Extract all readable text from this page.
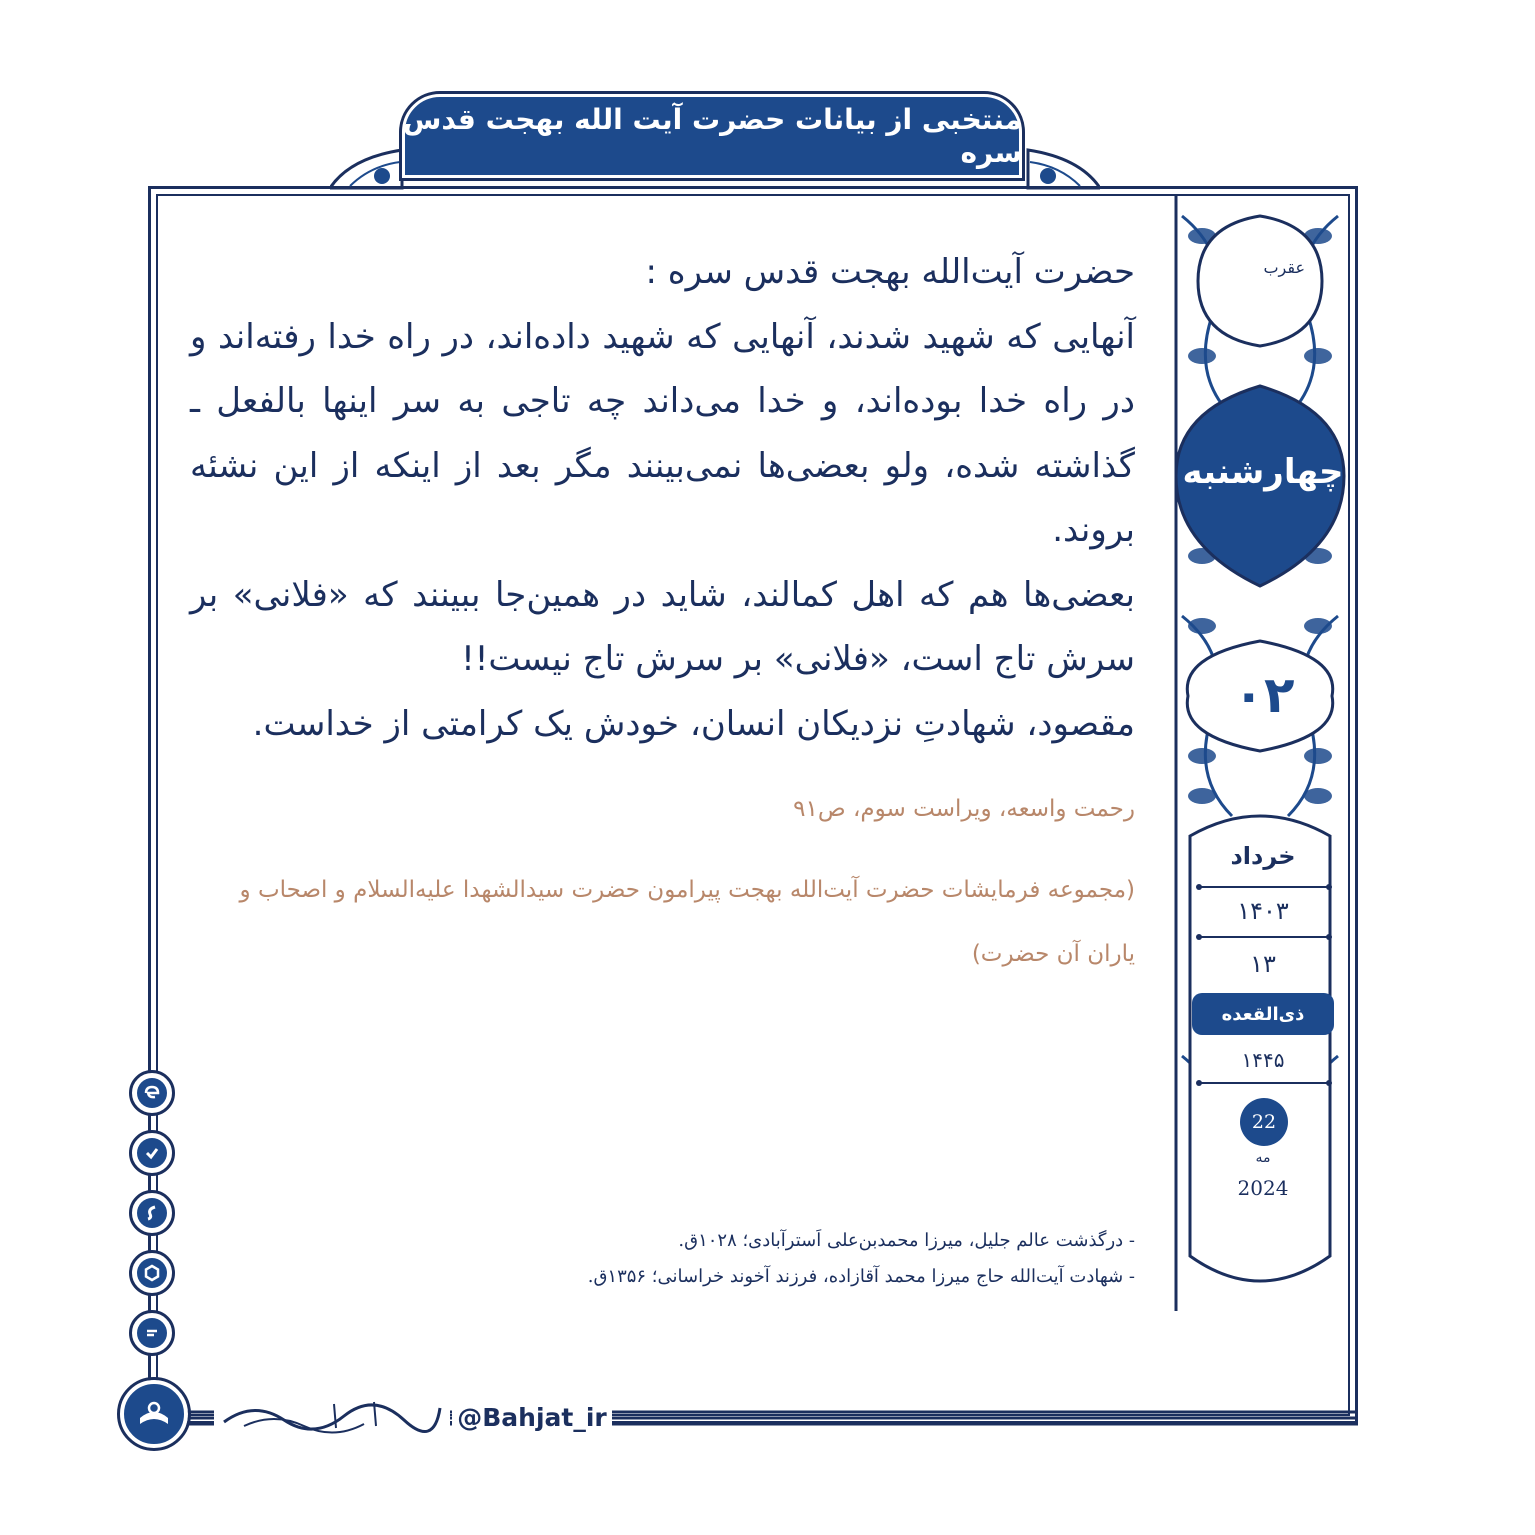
منتخبی از بیانات حضرت آیت الله بهجت قدس سره
عقرب
چهارشنبه
۰۲
خرداد
۱۴۰۳
۱۳
ذی‌القعده
۱۴۴۵
22
مه
2024

حضرت آیت‌الله بهجت قدس سره :

آنهایی که شهید شدند، آنهایی که شهید داده‌اند، در راه خدا رفته‌اند و در راه خدا بوده‌اند، و خدا می‌داند چه تاجی به سر اینها بالفعل ـ گذاشته شده، ولو بعضی‌ها نمی‌بینند مگر بعد از اینکه از این نشئه بروند.

بعضی‌ها هم که اهل کمالند، شاید در همین‌جا ببینند که «فلانی» بر سرش تاج است، «فلانی» بر سرش تاج نیست!!

مقصود، شهادتِ نزدیکان انسان، خودش یک کرامتی از خداست.

رحمت واسعه، ویراست سوم، ص۹۱
(مجموعه فرمایشات حضرت آیت‌الله بهجت پیرامون حضرت سیدالشهدا علیه‌السلام و اصحاب و یاران آن حضرت)
- درگذشت عالم جلیل، میرزا محمدبن‌علی اَسترآبادی؛ ۱۰۲۸ق.
- شهادت آیت‌الله حاج میرزا محمد آقازاده، فرزند آخوند خراسانی؛ ۱۳۵۶ق.
@Bahjat_ir
